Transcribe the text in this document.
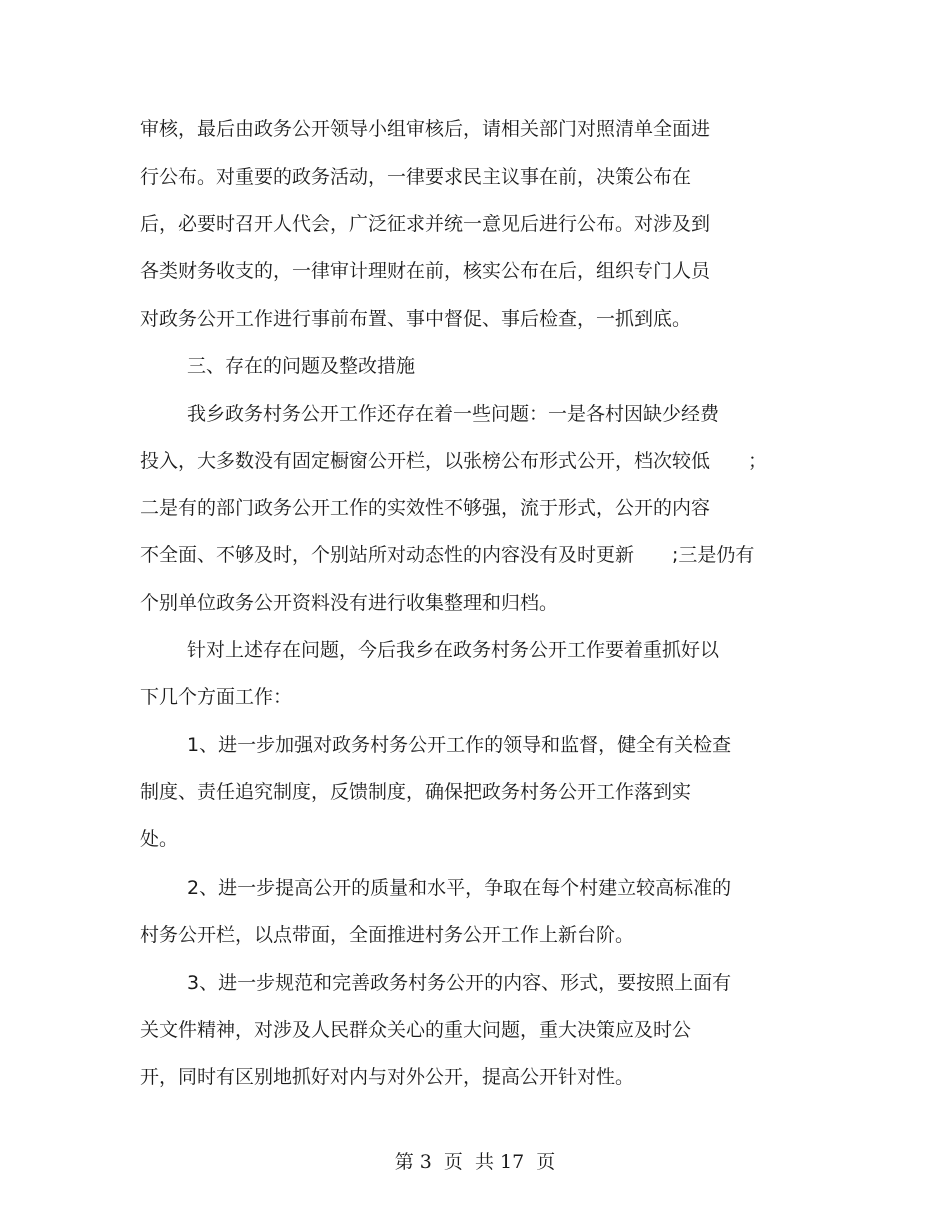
审核，最后由政务公开领导小组审核后，请相关部门对照清单全面进
行公布。对重要的政务活动，一律要求民主议事在前，决策公布在
后，必要时召开人代会，广泛征求并统一意见后进行公布。对涉及到
各类财务收支的，一律审计理财在前，核实公布在后，组织专门人员
对政务公开工作进行事前布置、事中督促、事后检查，一抓到底。
三、存在的问题及整改措施
我乡政务村务公开工作还存在着一些问题：一是各村因缺少经费
投入，大多数没有固定橱窗公开栏，以张榜公布形式公开，档次较低　　；
二是有的部门政务公开工作的实效性不够强，流于形式，公开的内容
不全面、不够及时，个别站所对动态性的内容没有及时更新　　;三是仍有
个别单位政务公开资料没有进行收集整理和归档。
针对上述存在问题，今后我乡在政务村务公开工作要着重抓好以
下几个方面工作：
1、进一步加强对政务村务公开工作的领导和监督，健全有关检查
制度、责任追究制度，反馈制度，确保把政务村务公开工作落到实
处。
2、进一步提高公开的质量和水平，争取在每个村建立较高标准的
村务公开栏，以点带面，全面推进村务公开工作上新台阶。
3、进一步规范和完善政务村务公开的内容、形式，要按照上面有
关文件精神，对涉及人民群众关心的重大问题，重大决策应及时公
开，同时有区别地抓好对内与对外公开，提高公开针对性。
第 3  页  共 17  页
